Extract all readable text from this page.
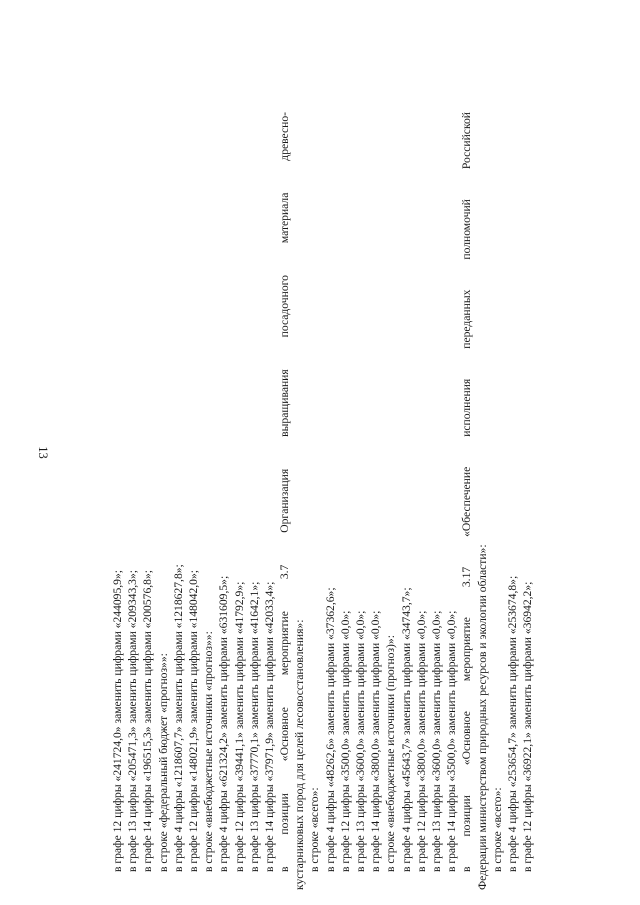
13
в графе 12 цифры «241724,0» заменить цифрами «244095,9»; в графе 13 цифры «205471,3» заменить цифрами «209343,3»; в графе 14 цифры «196515,3» заменить цифрами «200576,8»; в строке «федеральный бюджет «прогноз»»: в графе 4 цифры «1218607,7» заменить цифрами «1218627,8»; в графе 12 цифры «148021,9» заменить цифрами «148042,0»; в строке «внебюджетные источники «прогноз»»: в графе 4 цифры «621324,2» заменить цифрами «631609,5»; в графе 12 цифры «39441,1» заменить цифрами «41792,9»; в графе 13 цифры «37770,1» заменить цифрами «41642,1»; в графе 14 цифры «37971,9» заменить цифрами «42033,4»; в позиции «Основное мероприятие 3.7 Организация выращивания посадочного материала древесно- кустарниковых пород для целей лесовосстановления»: в строке «всего»: в графе 4 цифры «48262,6» заменить цифрами «37362,6»; в графе 12 цифры «3500,0» заменить цифрами «0,0»; в графе 13 цифры «3600,0» заменить цифрами «0,0»; в графе 14 цифры «3800,0» заменить цифрами «0,0»; в строке «внебюджетные источники (прогноз)»: в графе 4 цифры «45643,7» заменить цифрами «34743,7»; в графе 12 цифры «3800,0» заменить цифрами «0,0»; в графе 13 цифры «3600,0» заменить цифрами «0,0»; в графе 14 цифры «3500,0» заменить цифрами «0,0»; в позиции «Основное мероприятие 3.17 «Обеспечение исполнения переданных полномочий Российской Федерации министерством природных ресурсов и экологии области»: в строке «всего»: в графе 4 цифры «253654,7» заменить цифрами «253674,8»; в графе 12 цифры «36922,1» заменить цифрами «36942,2»;
